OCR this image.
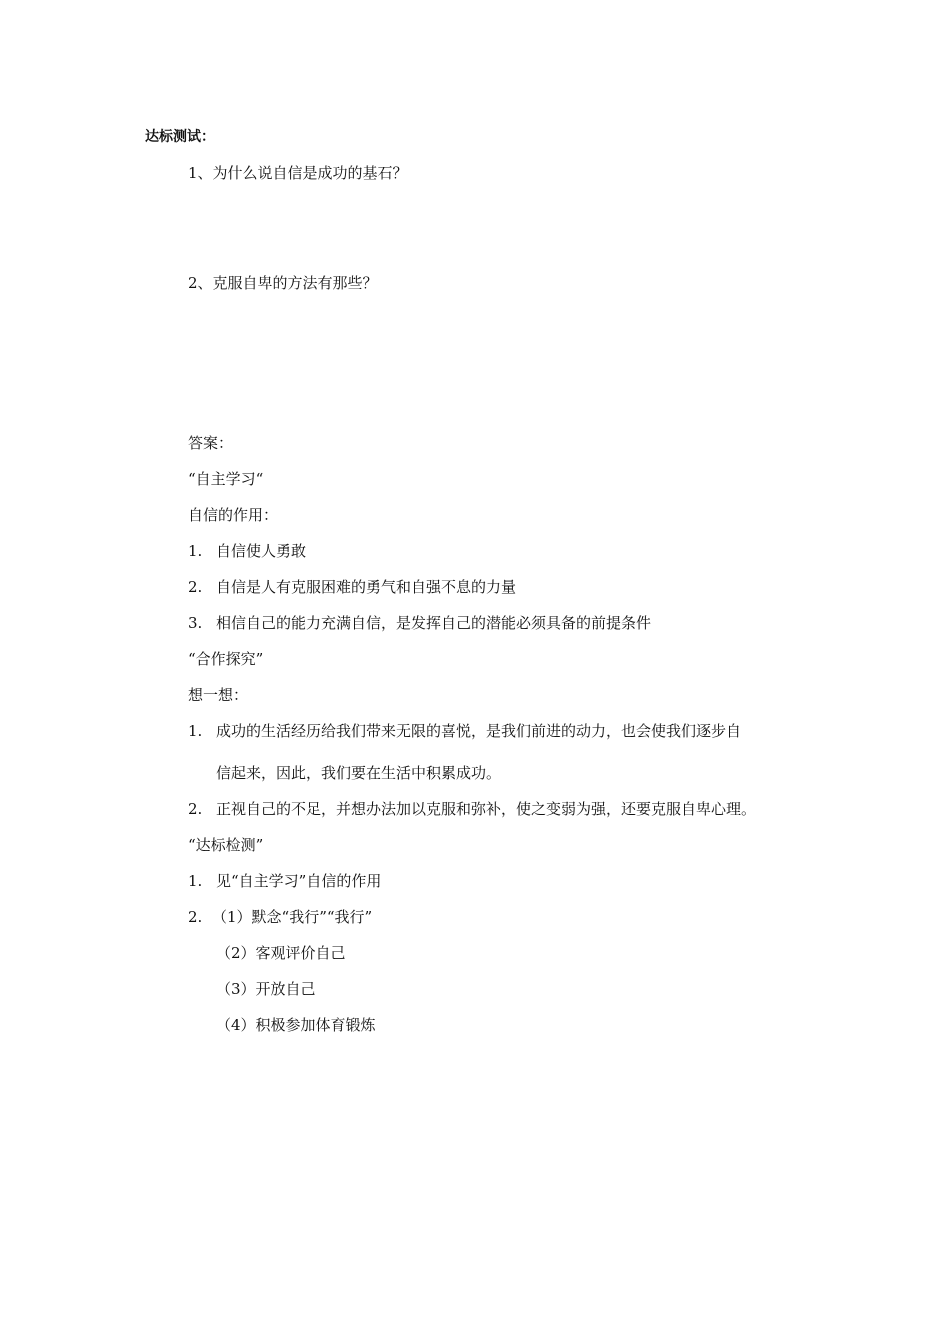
达标测试：
1、为什么说自信是成功的基石？
2、克服自卑的方法有那些？
答案：
“自主学习“
自信的作用：
1. 自信使人勇敢
2. 自信是人有克服困难的勇气和自强不息的力量
3. 相信自己的能力充满自信，是发挥自己的潜能必须具备的前提条件
“合作探究”
想一想：
1. 成功的生活经历给我们带来无限的喜悦，是我们前进的动力，也会使我们逐步自
信起来，因此，我们要在生活中积累成功。
2. 正视自己的不足，并想办法加以克服和弥补，使之变弱为强，还要克服自卑心理。
“达标检测”
1. 见“自主学习”自信的作用
2. （1）默念“我行”“我行”
（2）客观评价自己
（3）开放自己
（4）积极参加体育锻炼
